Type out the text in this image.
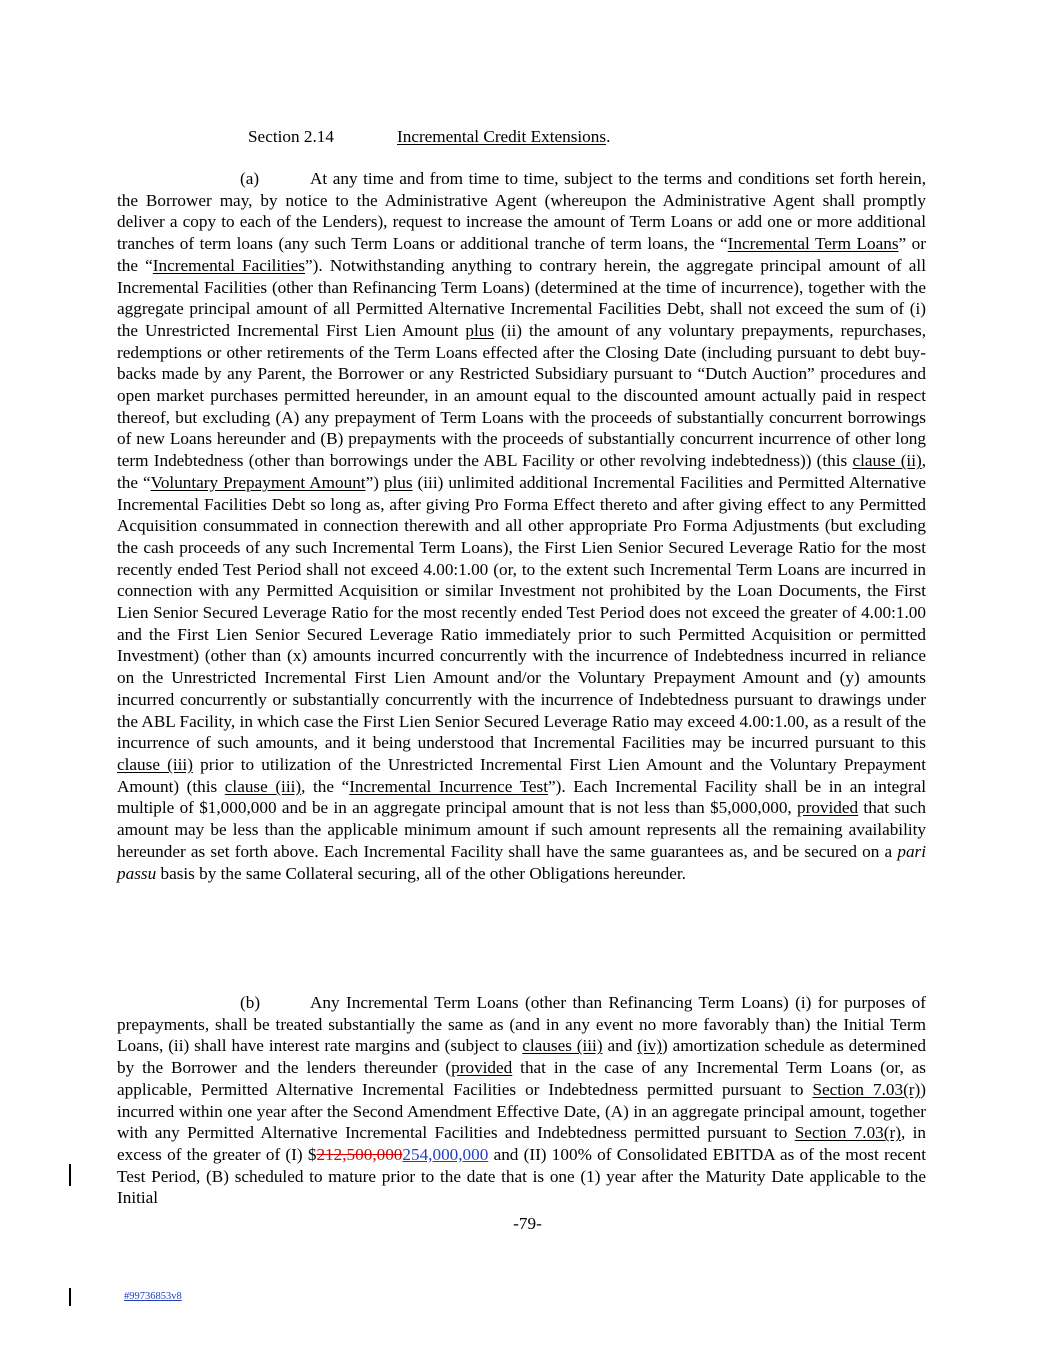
Section 2.14	Incremental Credit Extensions.

(a)	At any time and from time to time, subject to the terms and conditions set forth herein, the Borrower may, by notice to the Administrative Agent (whereupon the Administrative Agent shall promptly deliver a copy to each of the Lenders), request to increase the amount of Term Loans or add one or more additional tranches of term loans (any such Term Loans or additional tranche of term loans, the “Incremental Term Loans” or the “Incremental Facilities”). Notwithstanding anything to contrary herein, the aggregate principal amount of all Incremental Facilities (other than Refinancing Term Loans) (determined at the time of incurrence), together with the aggregate principal amount of all Permitted Alternative Incremental Facilities Debt, shall not exceed the sum of (i) the Unrestricted Incremental First Lien Amount plus (ii) the amount of any voluntary prepayments, repurchases, redemptions or other retirements of the Term Loans effected after the Closing Date (including pursuant to debt buy-backs made by any Parent, the Borrower or any Restricted Subsidiary pursuant to “Dutch Auction” procedures and open market purchases permitted hereunder, in an amount equal to the discounted amount actually paid in respect thereof, but excluding (A) any prepayment of Term Loans with the proceeds of substantially concurrent borrowings of new Loans hereunder and (B) prepayments with the proceeds of substantially concurrent incurrence of other long term Indebtedness (other than borrowings under the ABL Facility or other revolving indebtedness)) (this clause (ii), the “Voluntary Prepayment Amount”) plus (iii) unlimited additional Incremental Facilities and Permitted Alternative Incremental Facilities Debt so long as, after giving Pro Forma Effect thereto and after giving effect to any Permitted Acquisition consummated in connection therewith and all other appropriate Pro Forma Adjustments (but excluding the cash proceeds of any such Incremental Term Loans), the First Lien Senior Secured Leverage Ratio for the most recently ended Test Period shall not exceed 4.00:1.00 (or, to the extent such Incremental Term Loans are incurred in connection with any Permitted Acquisition or similar Investment not prohibited by the Loan Documents, the First Lien Senior Secured Leverage Ratio for the most recently ended Test Period does not exceed the greater of 4.00:1.00 and the First Lien Senior Secured Leverage Ratio immediately prior to such Permitted Acquisition or permitted Investment) (other than (x) amounts incurred concurrently with the incurrence of Indebtedness incurred in reliance on the Unrestricted Incremental First Lien Amount and/or the Voluntary Prepayment Amount and (y) amounts incurred concurrently or substantially concurrently with the incurrence of Indebtedness pursuant to drawings under the ABL Facility, in which case the First Lien Senior Secured Leverage Ratio may exceed 4.00:1.00, as a result of the incurrence of such amounts, and it being understood that Incremental Facilities may be incurred pursuant to this clause (iii) prior to utilization of the Unrestricted Incremental First Lien Amount and the Voluntary Prepayment Amount) (this clause (iii), the “Incremental Incurrence Test”). Each Incremental Facility shall be in an integral multiple of $1,000,000 and be in an aggregate principal amount that is not less than $5,000,000, provided that such amount may be less than the applicable minimum amount if such amount represents all the remaining availability hereunder as set forth above. Each Incremental Facility shall have the same guarantees as, and be secured on a pari passu basis by the same Collateral securing, all of the other Obligations hereunder.

(b)	Any Incremental Term Loans (other than Refinancing Term Loans) (i) for purposes of prepayments, shall be treated substantially the same as (and in any event no more favorably than) the Initial Term Loans, (ii) shall have interest rate margins and (subject to clauses (iii) and (iv)) amortization schedule as determined by the Borrower and the lenders thereunder (provided that in the case of any Incremental Term Loans (or, as applicable, Permitted Alternative Incremental Facilities or Indebtedness permitted pursuant to Section 7.03(r)) incurred within one year after the Second Amendment Effective Date, (A) in an aggregate principal amount, together with any Permitted Alternative Incremental Facilities and Indebtedness permitted pursuant to Section 7.03(r), in excess of the greater of (I) $212,500,000254,000,000 and (II) 100% of Consolidated EBITDA as of the most recent Test Period, (B) scheduled to mature prior to the date that is one (1) year after the Maturity Date applicable to the Initial

-79-
#99736853v8
